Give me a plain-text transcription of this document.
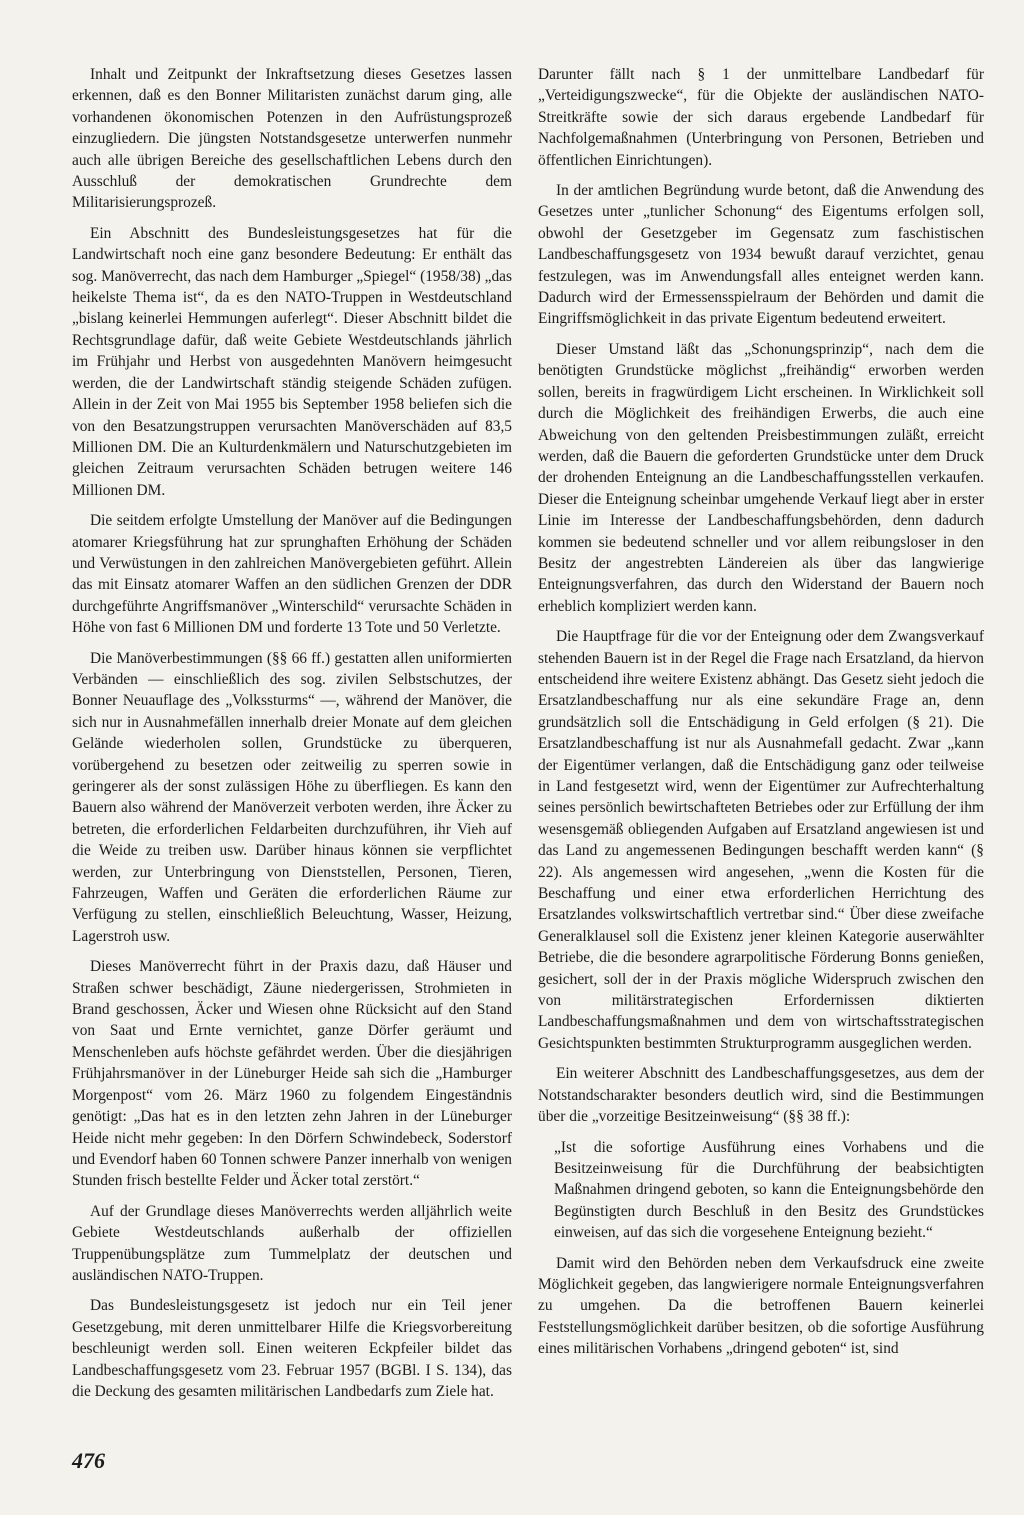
Inhalt und Zeitpunkt der Inkraftsetzung dieses Gesetzes lassen erkennen, daß es den Bonner Militaristen zunächst darum ging, alle vorhandenen ökonomischen Potenzen in den Aufrüstungsprozeß einzugliedern. Die jüngsten Notstandsgesetze unterwerfen nunmehr auch alle übrigen Bereiche des gesellschaftlichen Lebens durch den Ausschluß der demokratischen Grundrechte dem Militarisierungsprozeß.

Ein Abschnitt des Bundesleistungsgesetzes hat für die Landwirtschaft noch eine ganz besondere Bedeutung: Er enthält das sog. Manöverrecht, das nach dem Hamburger „Spiegel“ (1958/38) „das heikelste Thema ist“, da es den NATO-Truppen in Westdeutschland „bislang keinerlei Hemmungen auferlegt“. Dieser Abschnitt bildet die Rechtsgrundlage dafür, daß weite Gebiete Westdeutschlands jährlich im Frühjahr und Herbst von ausgedehnten Manövern heimgesucht werden, die der Landwirtschaft ständig steigende Schäden zufügen. Allein in der Zeit von Mai 1955 bis September 1958 beliefen sich die von den Besatzungstruppen verursachten Manöverschäden auf 83,5 Millionen DM. Die an Kulturdenkmälern und Naturschutzgebieten im gleichen Zeitraum verursachten Schäden betrugen weitere 146 Millionen DM.

Die seitdem erfolgte Umstellung der Manöver auf die Bedingungen atomarer Kriegsführung hat zur sprunghaften Erhöhung der Schäden und Verwüstungen in den zahlreichen Manövergebieten geführt. Allein das mit Einsatz atomarer Waffen an den südlichen Grenzen der DDR durchgeführte Angriffsmanöver „Winterschild“ verursachte Schäden in Höhe von fast 6 Millionen DM und forderte 13 Tote und 50 Verletzte.

Die Manöverbestimmungen (§§ 66 ff.) gestatten allen uniformierten Verbänden — einschließlich des sog. zivilen Selbstschutzes, der Bonner Neuauflage des „Volkssturms“ —, während der Manöver, die sich nur in Ausnahmefällen innerhalb dreier Monate auf dem gleichen Gelände wiederholen sollen, Grundstücke zu überqueren, vorübergehend zu besetzen oder zeitweilig zu sperren sowie in geringerer als der sonst zulässigen Höhe zu überfliegen. Es kann den Bauern also während der Manöverzeit verboten werden, ihre Äcker zu betreten, die erforderlichen Feldarbeiten durchzuführen, ihr Vieh auf die Weide zu treiben usw. Darüber hinaus können sie verpflichtet werden, zur Unterbringung von Dienststellen, Personen, Tieren, Fahrzeugen, Waffen und Geräten die erforderlichen Räume zur Verfügung zu stellen, einschließlich Beleuchtung, Wasser, Heizung, Lagerstroh usw.

Dieses Manöverrecht führt in der Praxis dazu, daß Häuser und Straßen schwer beschädigt, Zäune niedergerissen, Strohmieten in Brand geschossen, Äcker und Wiesen ohne Rücksicht auf den Stand von Saat und Ernte vernichtet, ganze Dörfer geräumt und Menschenleben aufs höchste gefährdet werden. Über die diesjährigen Frühjahrsmanöver in der Lüneburger Heide sah sich die „Hamburger Morgenpost“ vom 26. März 1960 zu folgendem Eingeständnis genötigt: „Das hat es in den letzten zehn Jahren in der Lüneburger Heide nicht mehr gegeben: In den Dörfern Schwindebeck, Soderstorf und Evendorf haben 60 Tonnen schwere Panzer innerhalb von wenigen Stunden frisch bestellte Felder und Äcker total zerstört.“

Auf der Grundlage dieses Manöverrechts werden alljährlich weite Gebiete Westdeutschlands außerhalb der offiziellen Truppenübungsplätze zum Tummelplatz der deutschen und ausländischen NATO-Truppen.

Das Bundesleistungsgesetz ist jedoch nur ein Teil jener Gesetzgebung, mit deren unmittelbarer Hilfe die Kriegsvorbereitung beschleunigt werden soll. Einen weiteren Eckpfeiler bildet das Landbeschaffungsgesetz vom 23. Februar 1957 (BGBl. I S. 134), das die Deckung des gesamten militärischen Landbedarfs zum Ziele hat.

Darunter fällt nach § 1 der unmittelbare Landbedarf für „Verteidigungszwecke“, für die Objekte der ausländischen NATO-Streitkräfte sowie der sich daraus ergebende Landbedarf für Nachfolgemaßnahmen (Unterbringung von Personen, Betrieben und öffentlichen Einrichtungen).

In der amtlichen Begründung wurde betont, daß die Anwendung des Gesetzes unter „tunlicher Schonung“ des Eigentums erfolgen soll, obwohl der Gesetzgeber im Gegensatz zum faschistischen Landbeschaffungsgesetz von 1934 bewußt darauf verzichtet, genau festzulegen, was im Anwendungsfall alles enteignet werden kann. Dadurch wird der Ermessensspielraum der Behörden und damit die Eingriffsmöglichkeit in das private Eigentum bedeutend erweitert.

Dieser Umstand läßt das „Schonungsprinzip“, nach dem die benötigten Grundstücke möglichst „freihändig“ erworben werden sollen, bereits in fragwürdigem Licht erscheinen. In Wirklichkeit soll durch die Möglichkeit des freihändigen Erwerbs, die auch eine Abweichung von den geltenden Preisbestimmungen zuläßt, erreicht werden, daß die Bauern die geforderten Grundstücke unter dem Druck der drohenden Enteignung an die Landbeschaffungsstellen verkaufen. Dieser die Enteignung scheinbar umgehende Verkauf liegt aber in erster Linie im Interesse der Landbeschaffungsbehörden, denn dadurch kommen sie bedeutend schneller und vor allem reibungsloser in den Besitz der angestrebten Ländereien als über das langwierige Enteignungsverfahren, das durch den Widerstand der Bauern noch erheblich kompliziert werden kann.

Die Hauptfrage für die vor der Enteignung oder dem Zwangsverkauf stehenden Bauern ist in der Regel die Frage nach Ersatzland, da hiervon entscheidend ihre weitere Existenz abhängt. Das Gesetz sieht jedoch die Ersatzlandbeschaffung nur als eine sekundäre Frage an, denn grundsätzlich soll die Entschädigung in Geld erfolgen (§ 21). Die Ersatzlandbeschaffung ist nur als Ausnahmefall gedacht. Zwar „kann der Eigentümer verlangen, daß die Entschädigung ganz oder teilweise in Land festgesetzt wird, wenn der Eigentümer zur Aufrechterhaltung seines persönlich bewirtschafteten Betriebes oder zur Erfüllung der ihm wesensgemäß obliegenden Aufgaben auf Ersatzland angewiesen ist und das Land zu angemessenen Bedingungen beschafft werden kann“ (§ 22). Als angemessen wird angesehen, „wenn die Kosten für die Beschaffung und einer etwa erforderlichen Herrichtung des Ersatzlandes volkswirtschaftlich vertretbar sind.“ Über diese zweifache Generalklausel soll die Existenz jener kleinen Kategorie auserwählter Betriebe, die die besondere agrarpolitische Förderung Bonns genießen, gesichert, soll der in der Praxis mögliche Widerspruch zwischen den von militärstrategischen Erfordernissen diktierten Landbeschaffungsmaßnahmen und dem von wirtschaftsstrategischen Gesichtspunkten bestimmten Strukturprogramm ausgeglichen werden.

Ein weiterer Abschnitt des Landbeschaffungsgesetzes, aus dem der Notstandscharakter besonders deutlich wird, sind die Bestimmungen über die „vorzeitige Besitzeinweisung“ (§§ 38 ff.):

„Ist die sofortige Ausführung eines Vorhabens und die Besitzeinweisung für die Durchführung der beabsichtigten Maßnahmen dringend geboten, so kann die Enteignungsbehörde den Begünstigten durch Beschluß in den Besitz des Grundstückes einweisen, auf das sich die vorgesehene Enteignung bezieht.“

Damit wird den Behörden neben dem Verkaufsdruck eine zweite Möglichkeit gegeben, das langwierigere normale Enteignungsverfahren zu umgehen. Da die betroffenen Bauern keinerlei Feststellungsmöglichkeit darüber besitzen, ob die sofortige Ausführung eines militärischen Vorhabens „dringend geboten“ ist, sind

476
